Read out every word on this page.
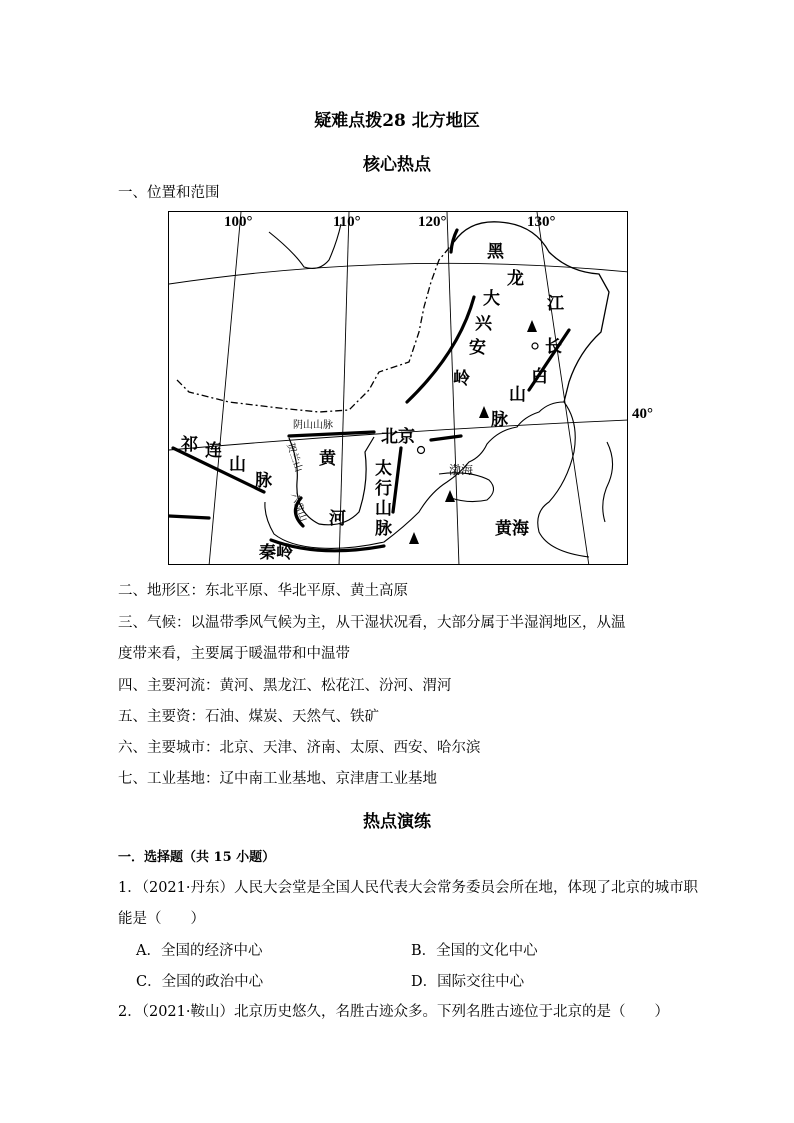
疑难点拨28 北方地区
核心热点
一、位置和范围
100°
黑
龙
江
大
兴
安
岭
长
白
山
脉
祁 连
山
脉
北京
黄
河
太
行
山
脉	黄海
秦岭
阴山山脉
渤海
六盘山
贺兰山
110°	120°	130°
40°
二、地形区：东北平原、华北平原、黄土高原
三、气候：以温带季风气候为主，从干湿状况看，大部分属于半湿润地区，从温
度带来看，主要属于暖温带和中温带
四、主要河流：黄河、黑龙江、松花江、汾河、渭河
五、主要资：石油、煤炭、天然气、铁矿
六、主要城市：北京、天津、济南、太原、西安、哈尔滨
七、工业基地：辽中南工业基地、京津唐工业基地
热点演练
一．选择题（共 15 小题）
1．（2021·丹东）人民大会堂是全国人民代表大会常务委员会所在地，体现了北京的城市职
能是（　　）
A．全国的经济中心	B．全国的文化中心
C．全国的政治中心	D．国际交往中心
2．（2021·鞍山）北京历史悠久，名胜古迹众多。下列名胜古迹位于北京的是（　　）
